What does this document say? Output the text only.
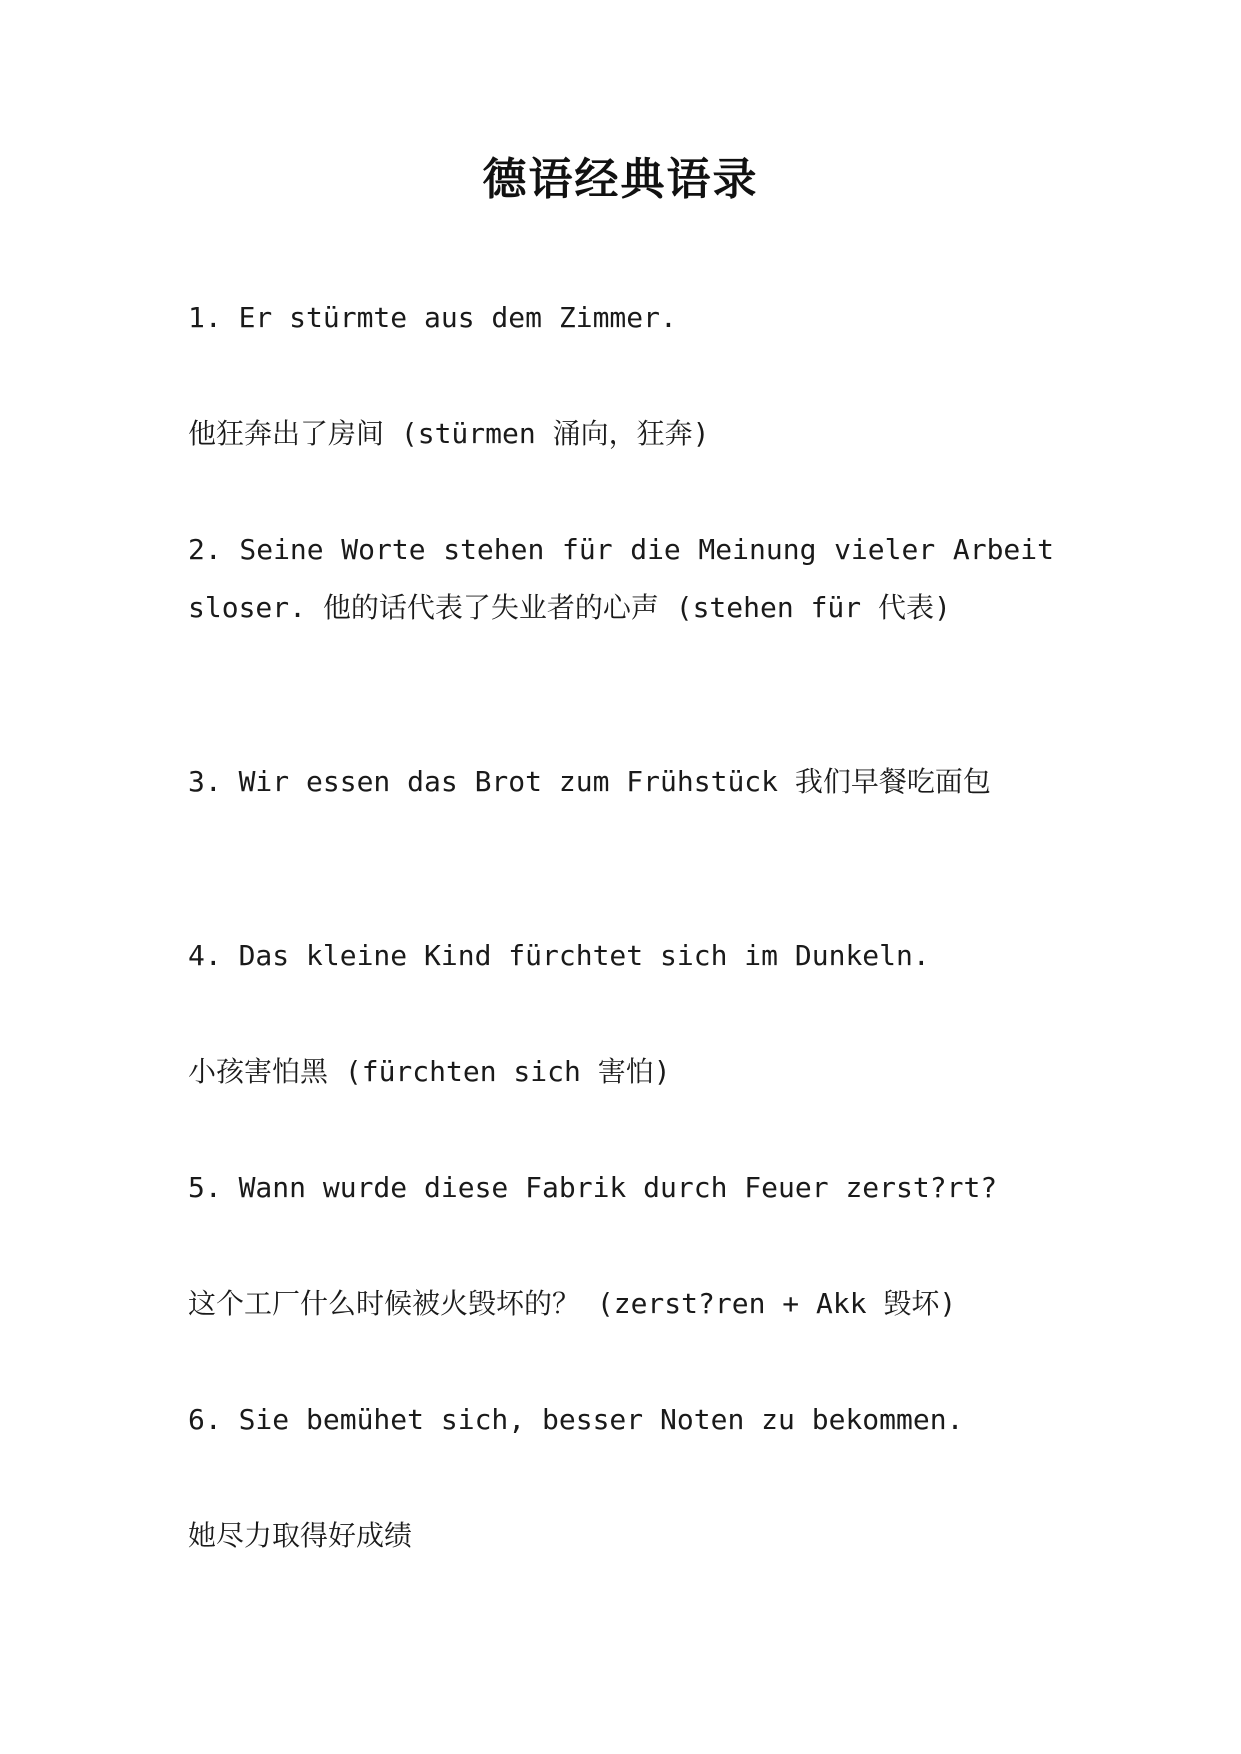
德语经典语录
1. Er stürmte aus dem Zimmer.
他狂奔出了房间 (stürmen 涌向，狂奔)
2. Seine Worte stehen für die Meinung vieler Arbeitsloser. 他的话代表了失业者的心声 (stehen für 代表)
3. Wir essen das Brot zum Frühstück 我们早餐吃面包
4. Das kleine Kind fürchtet sich im Dunkeln.
小孩害怕黑 (fürchten sich 害怕)
5. Wann wurde diese Fabrik durch Feuer zerst?rt?
这个工厂什么时候被火毁坏的？ (zerst?ren + Akk 毁坏)
6. Sie bemühet sich, besser Noten zu bekommen.
她尽力取得好成绩
